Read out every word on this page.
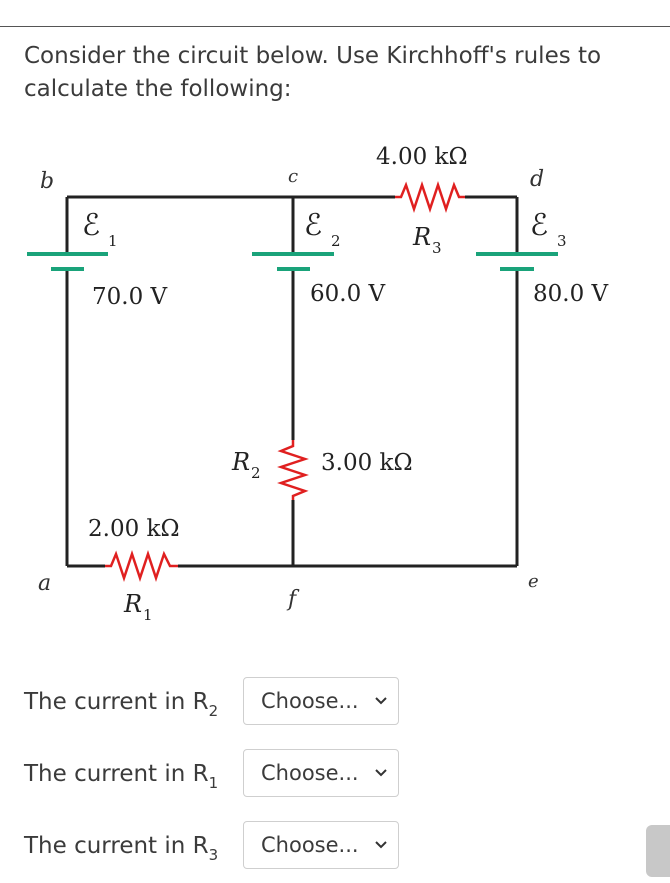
Consider the circuit below. Use Kirchhoff's rules to calculate the following:
b	c	d
a
f
e
ℰ 1	ℰ 2	ℰ 3
70.0 V	60.0 V	80.0 V
4.00 kΩ
R 3
R 2	3.00 kΩ
2.00 kΩ
R 1
The current in $R_2$ Choose...
The current in $R_1$ Choose...
The current in $R_3$ Choose...
